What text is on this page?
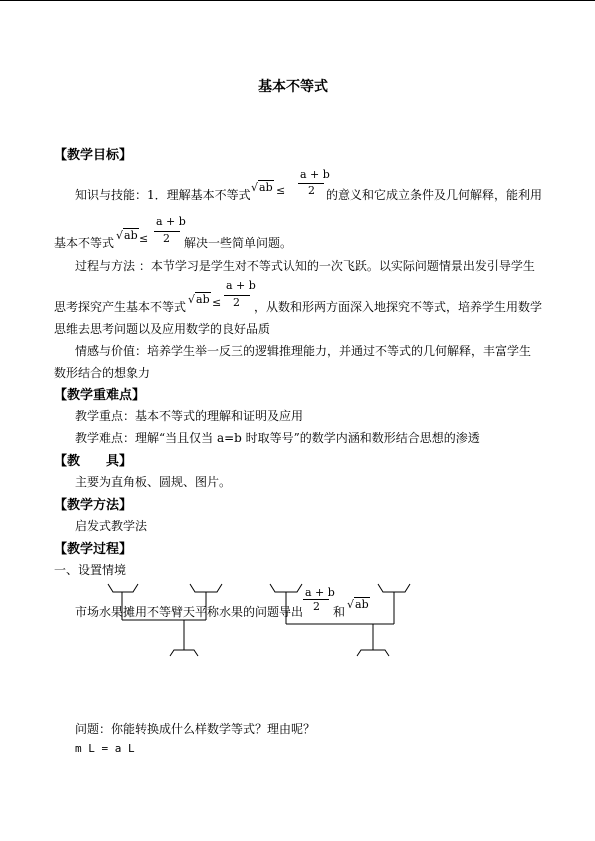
基本不等式
【教学目标】
知识与技能：1．理解基本不等式
√ab ≤
a + b
2 的意义和它成立条件及几何解释，能利用
基本不等式
√ab ≤
a + b
2 解决一些简单问题。
过程与方法 ：本节学习是学生对不等式认知的一次飞跃。以实际问题情景出发引导学生
思考探究产生基本不等式
√ab ≤
a + b
2 ，从数和形两方面深入地探究不等式，培养学生用数学
思维去思考问题以及应用数学的良好品质
情感与价值：培养学生举一反三的逻辑推理能力，并通过不等式的几何解释，丰富学生
数形结合的想象力
【教学重难点】
教学重点：基本不等式的理解和证明及应用
教学难点：理解“当且仅当 a=b 时取等号”的数学内涵和数形结合思想的渗透
【教　　具】
主要为直角板、圆规、图片。
【教学方法】
启发式教学法
【教学过程】
一、设置情境
市场水果摊用不等臂天平称水果的问题导出
a + b
2 和
√ab
问题：你能转换成什么样数学等式？理由呢？
m L = a L
